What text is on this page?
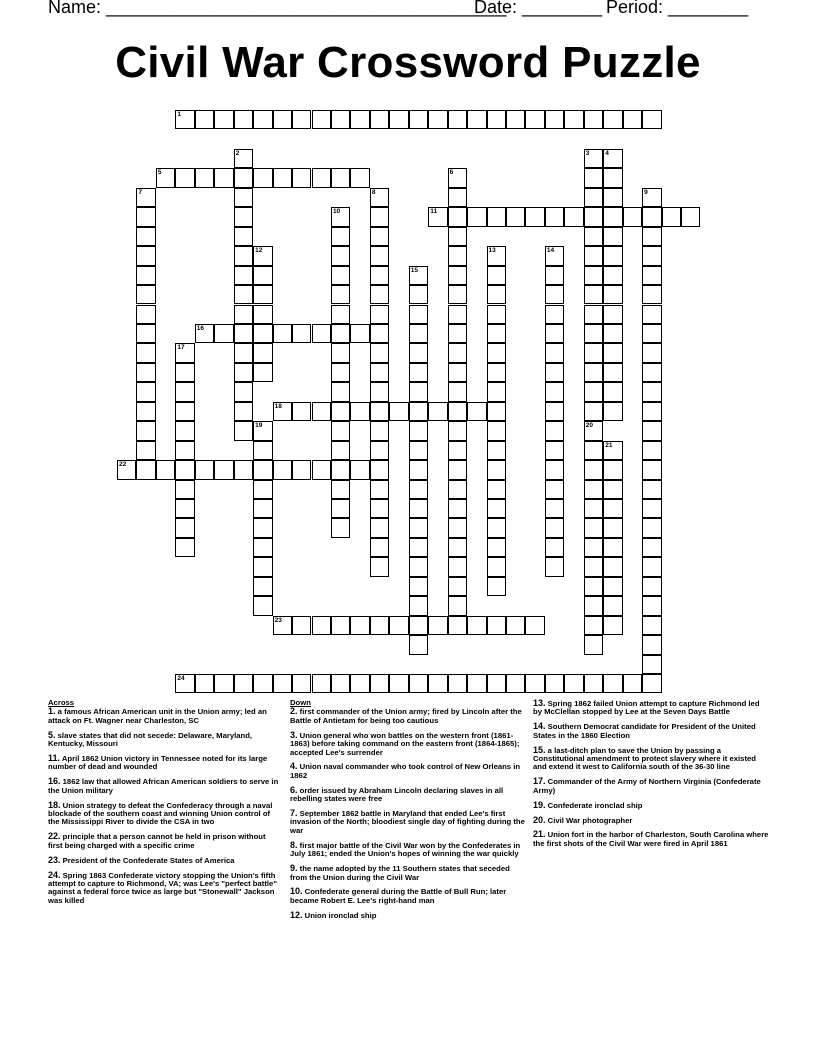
Name: ________________________________________
Date: ________ Period: ________
Civil War Crossword Puzzle
1
2	3 4
5	6
7	8	9
10	11
12	13	14
15
16
17
18
19	20
21
22
23
24
Across
1. a famous African American unit in the Union army; led an attack on Ft. Wagner near Charleston, SC
5. slave states that did not secede: Delaware, Maryland, Kentucky, Missouri
11. April 1862 Union victory in Tennessee noted for its large number of dead and wounded
16. 1862 law that allowed African American soldiers to serve in the Union military
18. Union strategy to defeat the Confederacy through a naval blockade of the southern coast and winning Union control of the Mississippi River to divide the CSA in two
22. principle that a person cannot be held in prison without first being charged with a specific crime
23. President of the Confederate States of America
24. Spring 1863 Confederate victory stopping the Union's fifth attempt to capture to Richmond, VA; was Lee's "perfect battle" against a federal force twice as large but "Stonewall" Jackson was killed
Down
2. first commander of the Union army; fired by Lincoln after the Battle of Antietam for being too cautious
3. Union general who won battles on the western front (1861-1863) before taking command on the eastern front (1864-1865); accepted Lee's surrender
4. Union naval commander who took control of New Orleans in 1862
6. order issued by Abraham Lincoln declaring slaves in all rebelling states were free
7. September 1862 battle in Maryland that ended Lee's first invasion of the North; bloodiest single day of fighting during the war
8. first major battle of the Civil War won by the Confederates in July 1861; ended the Union's hopes of winning the war quickly
9. the name adopted by the 11 Southern states that seceded from the Union during the Civil War
10. Confederate general during the Battle of Bull Run; later became Robert E. Lee's right-hand man
12. Union ironclad ship
13. Spring 1862 failed Union attempt to capture Richmond led by McClellan stopped by Lee at the Seven Days Battle
14. Southern Democrat candidate for President of the United States in the 1860 Election
15. a last-ditch plan to save the Union by passing a Constitutional amendment to protect slavery where it existed and extend it west to California south of the 36-30 line
17. Commander of the Army of Northern Virginia (Confederate Army)
19. Confederate ironclad ship
20. Civil War photographer
21. Union fort in the harbor of Charleston, South Carolina where the first shots of the Civil War were fired in April 1861
